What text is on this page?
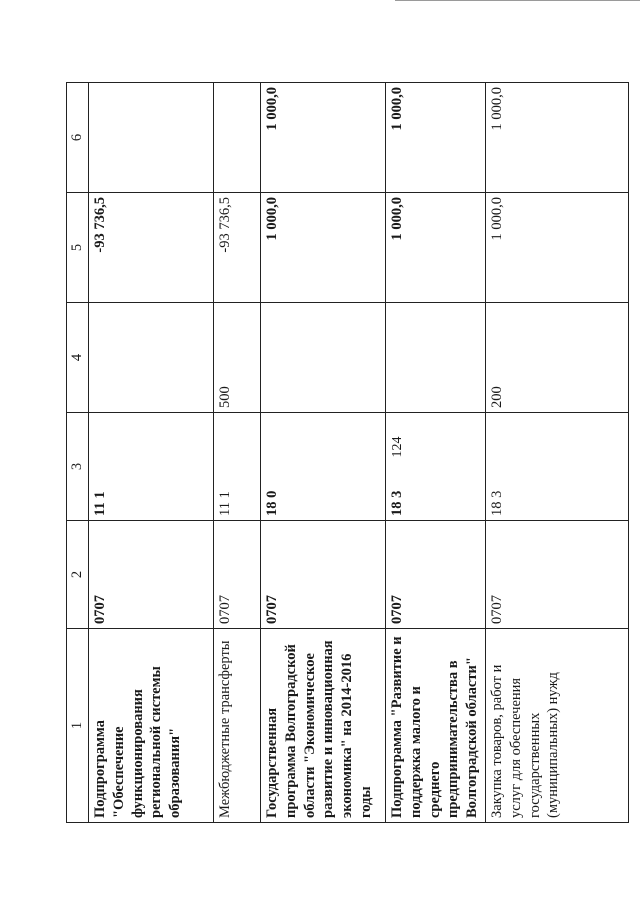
124
1	2	3	4	5	6
Подпрограмма "Обеспечение функционирования региональной системы образования"	0707	11 1		-93 736,5	
Межбюджетные трансферты	0707	11 1	500	-93 736,5	
Государственная программа Волгоградской области "Экономическое развитие и инновационная экономика" на 2014-2016 годы	0707	18 0		1 000,0	1 000,0
Подпрограмма "Развитие и поддержка малого и среднего предпринимательства в Волгоградской области"	0707	18 3		1 000,0	1 000,0
Закупка товаров, работ и услуг для обеспечения государственных (муниципальных) нужд	0707	18 3	200	1 000,0	1 000,0
